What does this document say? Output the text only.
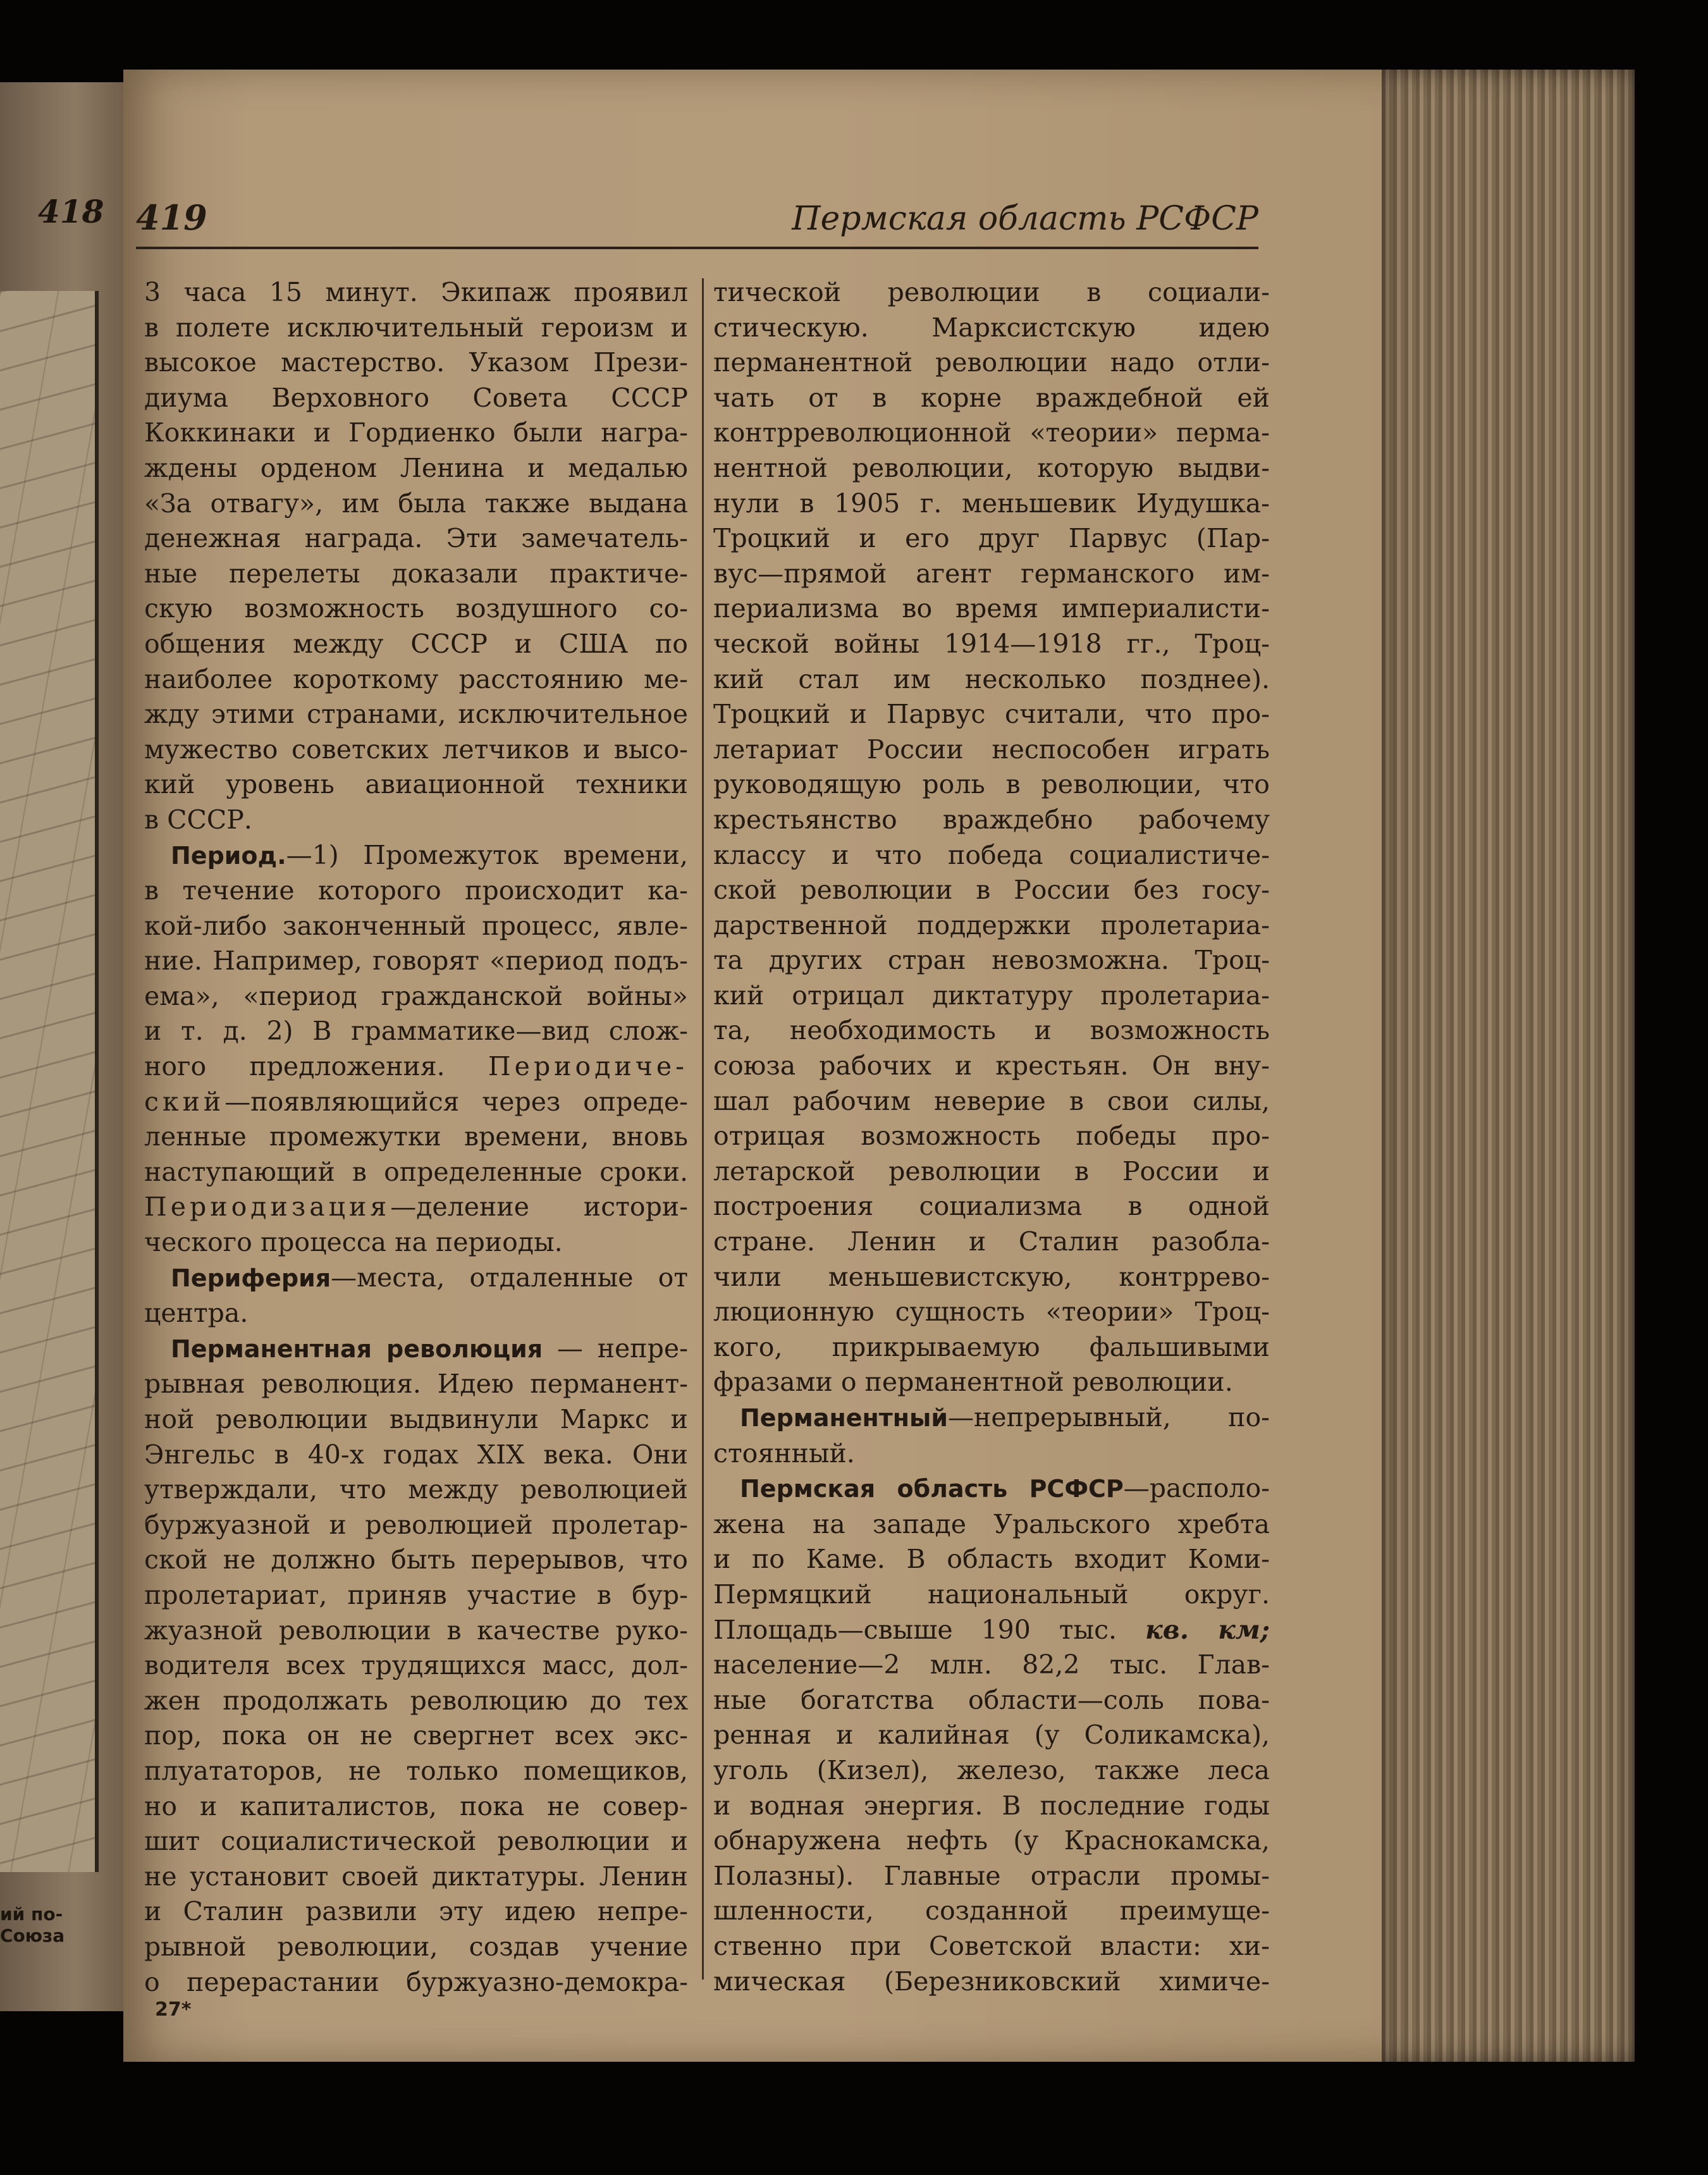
418
ий по-
Союза
419	Пермская область РСФСР
3 часа 15 минут. Экипаж проявил
в полете исключительный героизм и
высокое мастерство. Указом Прези-
диума Верховного Совета СССР
Коккинаки и Гордиенко были награ-
ждены орденом Ленина и медалью
«За отвагу», им была также выдана
денежная награда. Эти замечатель-
ные перелеты доказали практиче-
скую возможность воздушного со-
общения между СССР и США по
наиболее короткому расстоянию ме-
жду этими странами, исключительное
мужество советских летчиков и высо-
кий уровень авиационной техники
в СССР.
Период.—1) Промежуток времени,
в течение которого происходит ка-
кой-либо законченный процесс, явле-
ние. Например, говорят «период подъ-
ема», «период гражданской войны»
и т. д. 2) В грамматике—вид слож-
ного предложения. Периодиче-
ский—появляющийся через опреде-
ленные промежутки времени, вновь
наступающий в определенные сроки.
Периодизация—деление истори-
ческого процесса на периоды.
Периферия—места, отдаленные от
центра.
Перманентная революция — непре-
рывная революция. Идею перманент-
ной революции выдвинули Маркс и
Энгельс в 40-х годах XIX века. Они
утверждали, что между революцией
буржуазной и революцией пролетар-
ской не должно быть перерывов, что
пролетариат, приняв участие в бур-
жуазной революции в качестве руко-
водителя всех трудящихся масс, дол-
жен продолжать революцию до тех
пор, пока он не свергнет всех экс-
плуататоров, не только помещиков,
но и капиталистов, пока не совер-
шит социалистической революции и
не установит своей диктатуры. Ленин
и Сталин развили эту идею непре-
рывной революции, создав учение
о перерастании буржуазно-демокра-
тической революции в социали-
стическую. Марксистскую идею
перманентной революции надо отли-
чать от в корне враждебной ей
контрреволюционной «теории» перма-
нентной революции, которую выдви-
нули в 1905 г. меньшевик Иудушка-
Троцкий и его друг Парвус (Пар-
вус—прямой агент германского им-
периализма во время империалисти-
ческой войны 1914—1918 гг., Троц-
кий стал им несколько позднее).
Троцкий и Парвус считали, что про-
летариат России неспособен играть
руководящую роль в революции, что
крестьянство враждебно рабочему
классу и что победа социалистиче-
ской революции в России без госу-
дарственной поддержки пролетариа-
та других стран невозможна. Троц-
кий отрицал диктатуру пролетариа-
та, необходимость и возможность
союза рабочих и крестьян. Он вну-
шал рабочим неверие в свои силы,
отрицая возможность победы про-
летарской революции в России и
построения социализма в одной
стране. Ленин и Сталин разобла-
чили меньшевистскую, контррево-
люционную сущность «теории» Троц-
кого, прикрываемую фальшивыми
фразами о перманентной революции.
Перманентный—непрерывный, по-
стоянный.
Пермская область РСФСР—располо-
жена на западе Уральского хребта
и по Каме. В область входит Коми-
Пермяцкий национальный округ.
Площадь—свыше 190 тыс. кв. км;
население—2 млн. 82,2 тыс. Глав-
ные богатства области—соль пова-
ренная и калийная (у Соликамска),
уголь (Кизел), железо, также леса
и водная энергия. В последние годы
обнаружена нефть (у Краснокамска,
Полазны). Главные отрасли промы-
шленности, созданной преимуще-
ственно при Советской власти: хи-
мическая (Березниковский химиче-
27*
